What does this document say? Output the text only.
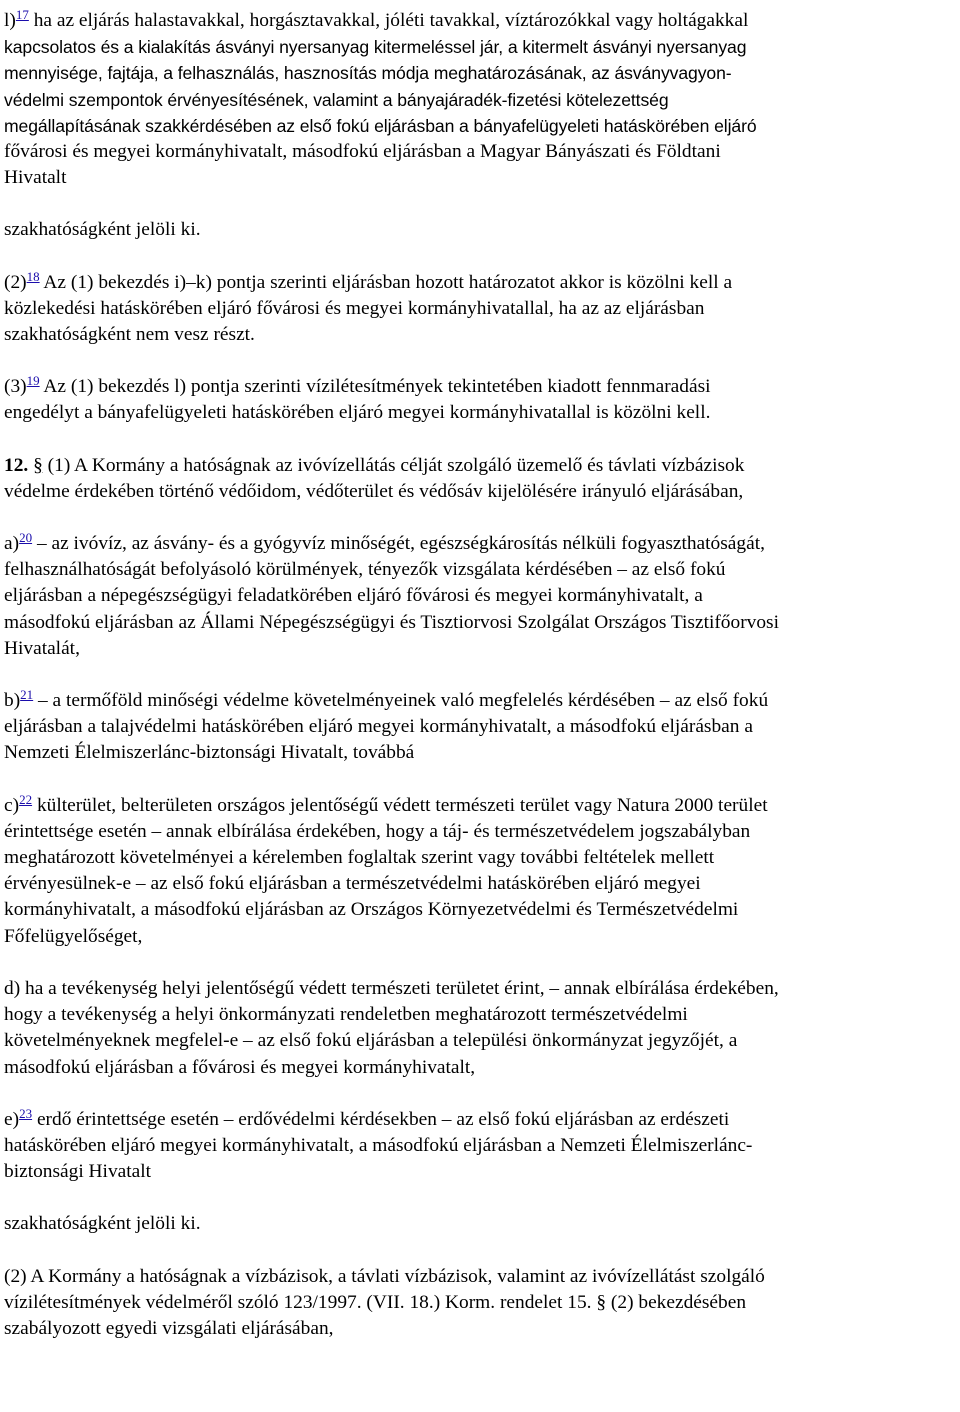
l)$^{17}$ ha az eljárás halastavakkal, horgásztavakkal, jóléti tavakkal, víztározókkal vagy holtágakkal

kapcsolatos és a kialakítás ásványi nyersanyag kitermeléssel jár, a kitermelt ásványi nyersanyag

mennyisége, fajtája, a felhasználás, hasznosítás módja meghatározásának, az ásványvagyon-

védelmi szempontok érvényesítésének, valamint a bányajáradék-fizetési kötelezettség

megállapításának szakkérdésében az első fokú eljárásban a bányafelügyeleti hatáskörében eljáró

fővárosi és megyei kormányhivatalt, másodfokú eljárásban a Magyar Bányászati és Földtani

Hivatalt

szakhatóságként jelöli ki.

(2)$^{18}$ Az (1) bekezdés i)–k) pontja szerinti eljárásban hozott határozatot akkor is közölni kell a

közlekedési hatáskörében eljáró fővárosi és megyei kormányhivatallal, ha az az eljárásban

szakhatóságként nem vesz részt.

(3)$^{19}$ Az (1) bekezdés l) pontja szerinti vízilétesítmények tekintetében kiadott fennmaradási

engedélyt a bányafelügyeleti hatáskörében eljáró megyei kormányhivatallal is közölni kell.

12. § (1) A Kormány a hatóságnak az ivóvízellátás célját szolgáló üzemelő és távlati vízbázisok

védelme érdekében történő védőidom, védőterület és védősáv kijelölésére irányuló eljárásában,

a)$^{20}$ – az ivóvíz, az ásvány- és a gyógyvíz minőségét, egészségkárosítás nélküli fogyaszthatóságát,

felhasználhatóságát befolyásoló körülmények, tényezők vizsgálata kérdésében – az első fokú

eljárásban a népegészségügyi feladatkörében eljáró fővárosi és megyei kormányhivatalt, a

másodfokú eljárásban az Állami Népegészségügyi és Tisztiorvosi Szolgálat Országos Tisztifőorvosi

Hivatalát,

b)$^{21}$ – a termőföld minőségi védelme követelményeinek való megfelelés kérdésében – az első fokú

eljárásban a talajvédelmi hatáskörében eljáró megyei kormányhivatalt, a másodfokú eljárásban a

Nemzeti Élelmiszerlánc-biztonsági Hivatalt, továbbá

c)$^{22}$ külterület, belterületen országos jelentőségű védett természeti terület vagy Natura 2000 terület

érintettsége esetén – annak elbírálása érdekében, hogy a táj- és természetvédelem jogszabályban

meghatározott követelményei a kérelemben foglaltak szerint vagy további feltételek mellett

érvényesülnek-e – az első fokú eljárásban a természetvédelmi hatáskörében eljáró megyei

kormányhivatalt, a másodfokú eljárásban az Országos Környezetvédelmi és Természetvédelmi

Főfelügyelőséget,

d) ha a tevékenység helyi jelentőségű védett természeti területet érint, – annak elbírálása érdekében,

hogy a tevékenység a helyi önkormányzati rendeletben meghatározott természetvédelmi

követelményeknek megfelel-e – az első fokú eljárásban a települési önkormányzat jegyzőjét, a

másodfokú eljárásban a fővárosi és megyei kormányhivatalt,

e)$^{23}$ erdő érintettsége esetén – erdővédelmi kérdésekben – az első fokú eljárásban az erdészeti

hatáskörében eljáró megyei kormányhivatalt, a másodfokú eljárásban a Nemzeti Élelmiszerlánc-

biztonsági Hivatalt

szakhatóságként jelöli ki.

(2) A Kormány a hatóságnak a vízbázisok, a távlati vízbázisok, valamint az ivóvízellátást szolgáló

vízilétesítmények védelméről szóló 123/1997. (VII. 18.) Korm. rendelet 15. § (2) bekezdésében

szabályozott egyedi vizsgálati eljárásában,
